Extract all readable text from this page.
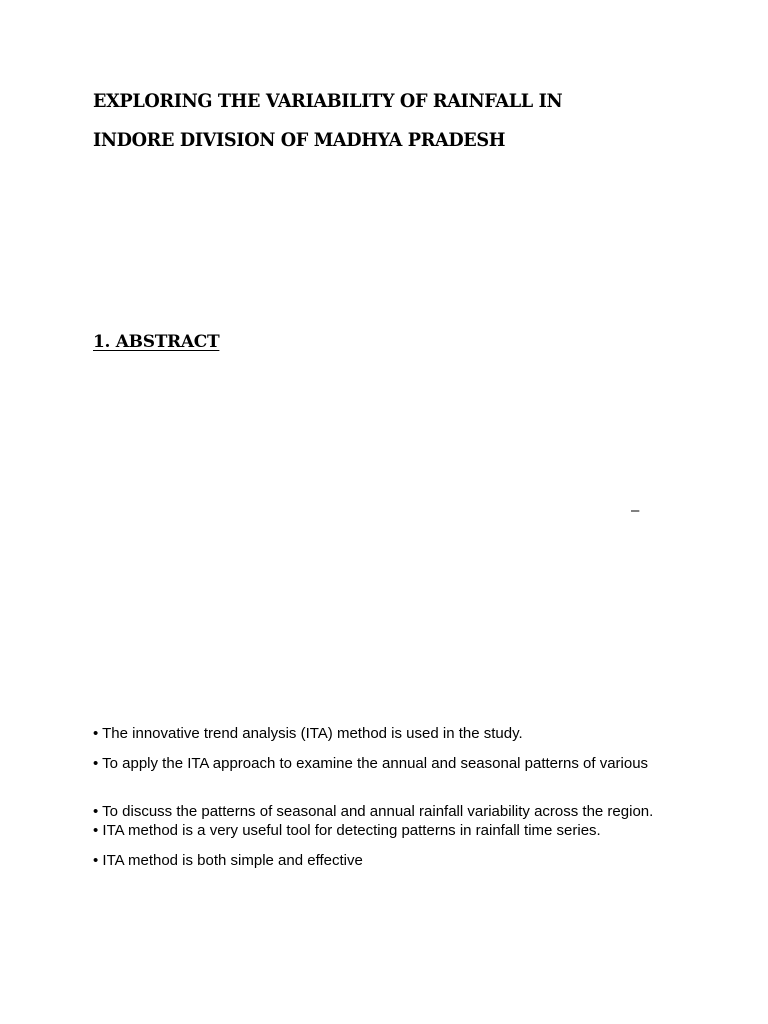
EXPLORING THE VARIABILITY OF RAINFALL IN
INDORE DIVISION OF MADHYA PRADESH
1. ABSTRACT
–

• The innovative trend analysis (ITA) method is used in the study.

• To apply the ITA approach to examine the annual and seasonal patterns of various

• To discuss the patterns of seasonal and annual rainfall variability across the region.

• ITA method is a very useful tool for detecting patterns in rainfall time series.

• ITA method is both simple and effective
